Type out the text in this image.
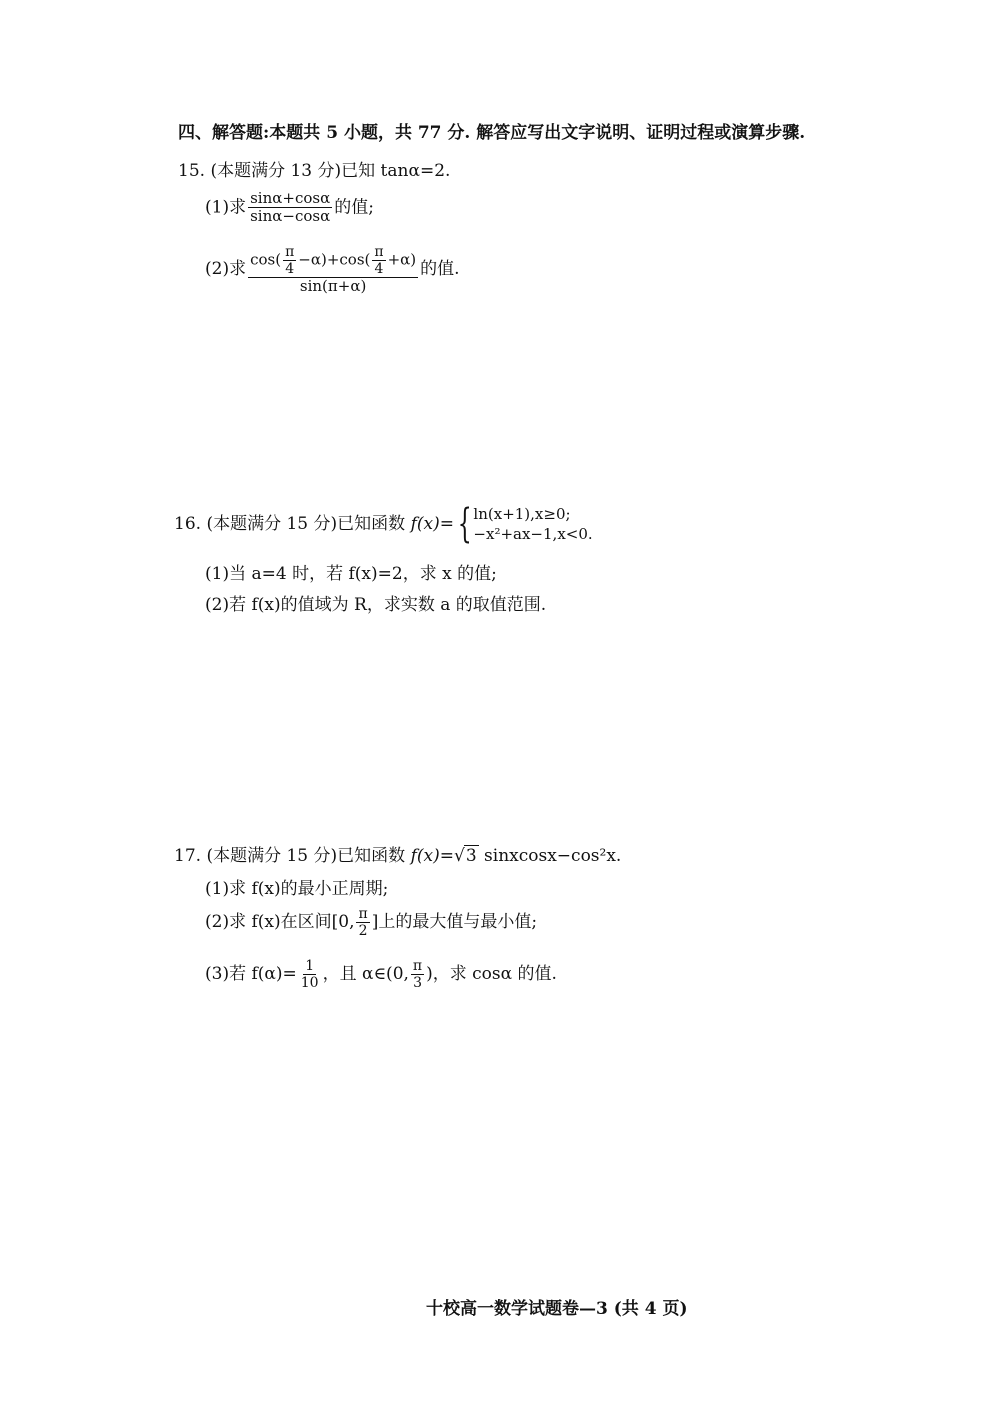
四、解答题:本题共 5 小题，共 77 分. 解答应写出文字说明、证明过程或演算步骤.
15. (本题满分 13 分)已知 tanα=2.
(1)求 $\frac{\sin\alpha+\cos\alpha}{\sin\alpha-\cos\alpha}$ 的值;
(2)求 $\frac{\cos( \frac{\pi}{4} -\alpha)+\cos( \frac{\pi}{4} +\alpha)}{\sin(\pi+\alpha)}$ 的值.
16. (本题满分 15 分)已知函数 f(x)={ ln(x+1),x≥0;
−x²+ax−1,x<0.
(1)当 a=4 时，若 f(x)=2，求 x 的值;
(2)若 f(x)的值域为 R，求实数 a 的取值范围.
17. (本题满分 15 分)已知函数 f(x)=√3 sinxcosx−cos²x.
(1)求 f(x)的最小正周期;
(2)求 f(x)在区间[0, $\frac{\pi}{2}$ ]上的最大值与最小值;
(3)若 $f(\alpha)= \frac{1}{10}$ ，且 α∈(0, $\frac{\pi}{3}$ )，求 cosα 的值.
十校高一数学试题卷—3 (共 4 页)
